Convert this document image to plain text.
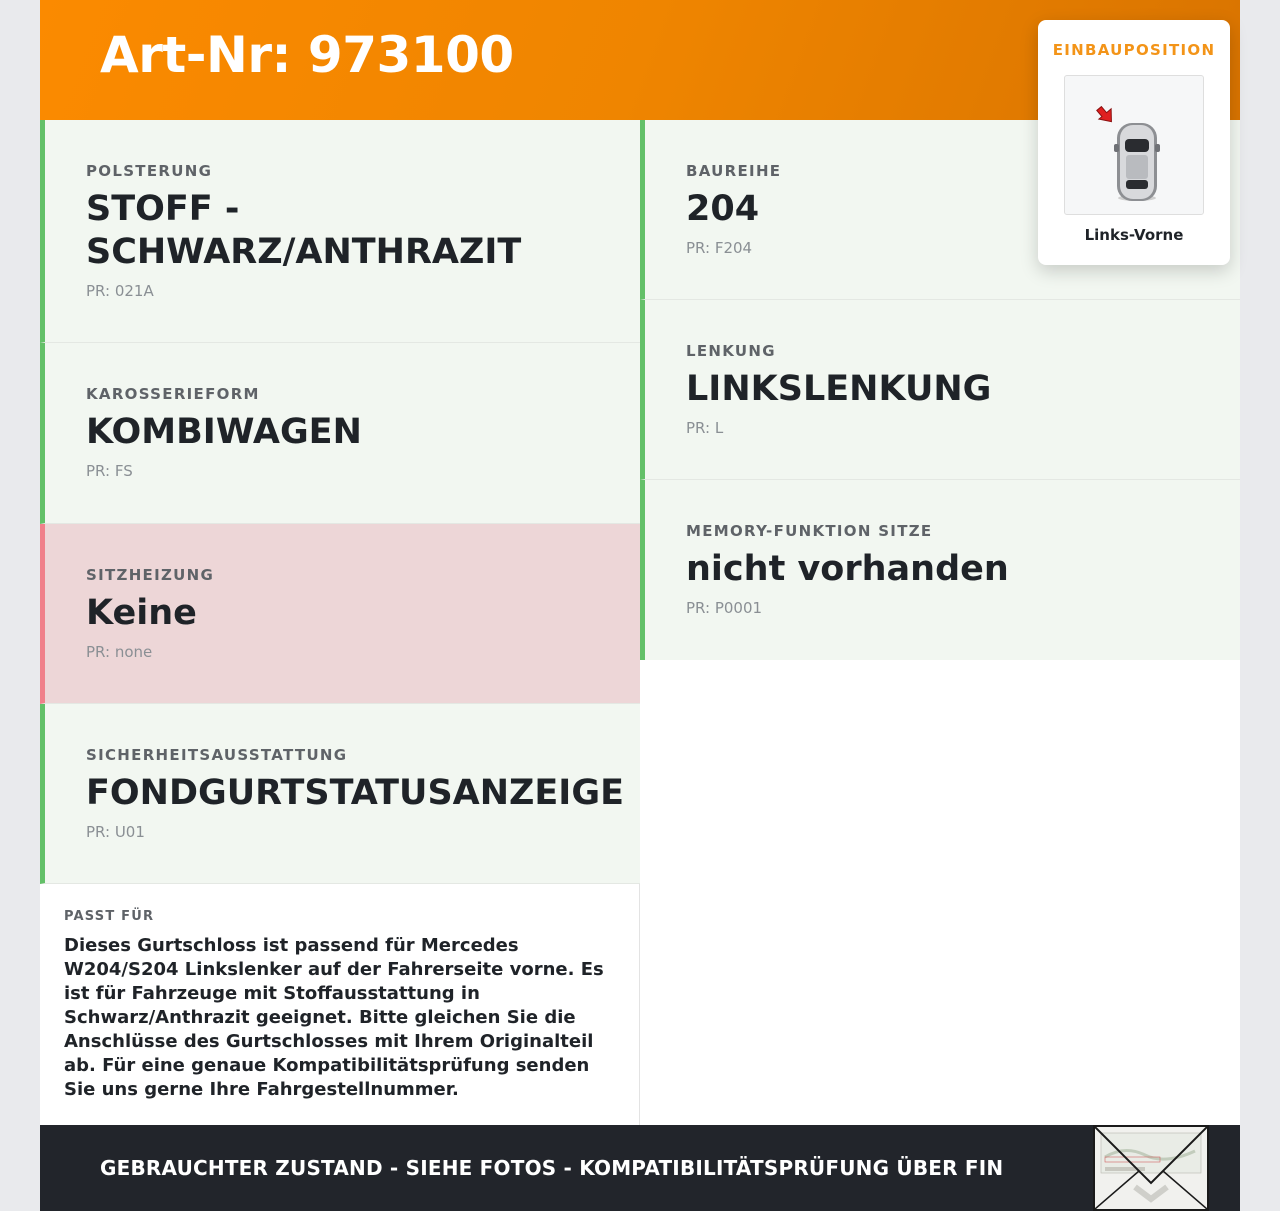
Art-Nr: 973100	EINBAUPOSITION
Links-Vorne
POLSTERUNG
STOFF -
SCHWARZ/ANTHRAZIT
PR: 021A
KAROSSERIEFORM
KOMBIWAGEN
PR: FS
SITZHEIZUNG
Keine
PR: none
SICHERHEITSAUSSTATTUNG
FONDGURTSTATUSANZEIGE
PR: U01
BAUREIHE
204
PR: F204
LENKUNG
LINKSLENKUNG
PR: L
MEMORY-FUNKTION SITZE
nicht vorhanden
PR: P0001
PASST FÜR
Dieses Gurtschloss ist passend für Mercedes W204/S204 Linkslenker auf der Fahrerseite vorne. Es ist für Fahrzeuge mit Stoffausstattung in Schwarz/Anthrazit geeignet. Bitte gleichen Sie die Anschlüsse des Gurtschlosses mit Ihrem Originalteil ab. Für eine genaue Kompatibilitätsprüfung senden Sie uns gerne Ihre Fahrgestellnummer.
GEBRAUCHTER ZUSTAND - SIEHE FOTOS - KOMPATIBILITÄTSPRÜFUNG ÜBER FIN
